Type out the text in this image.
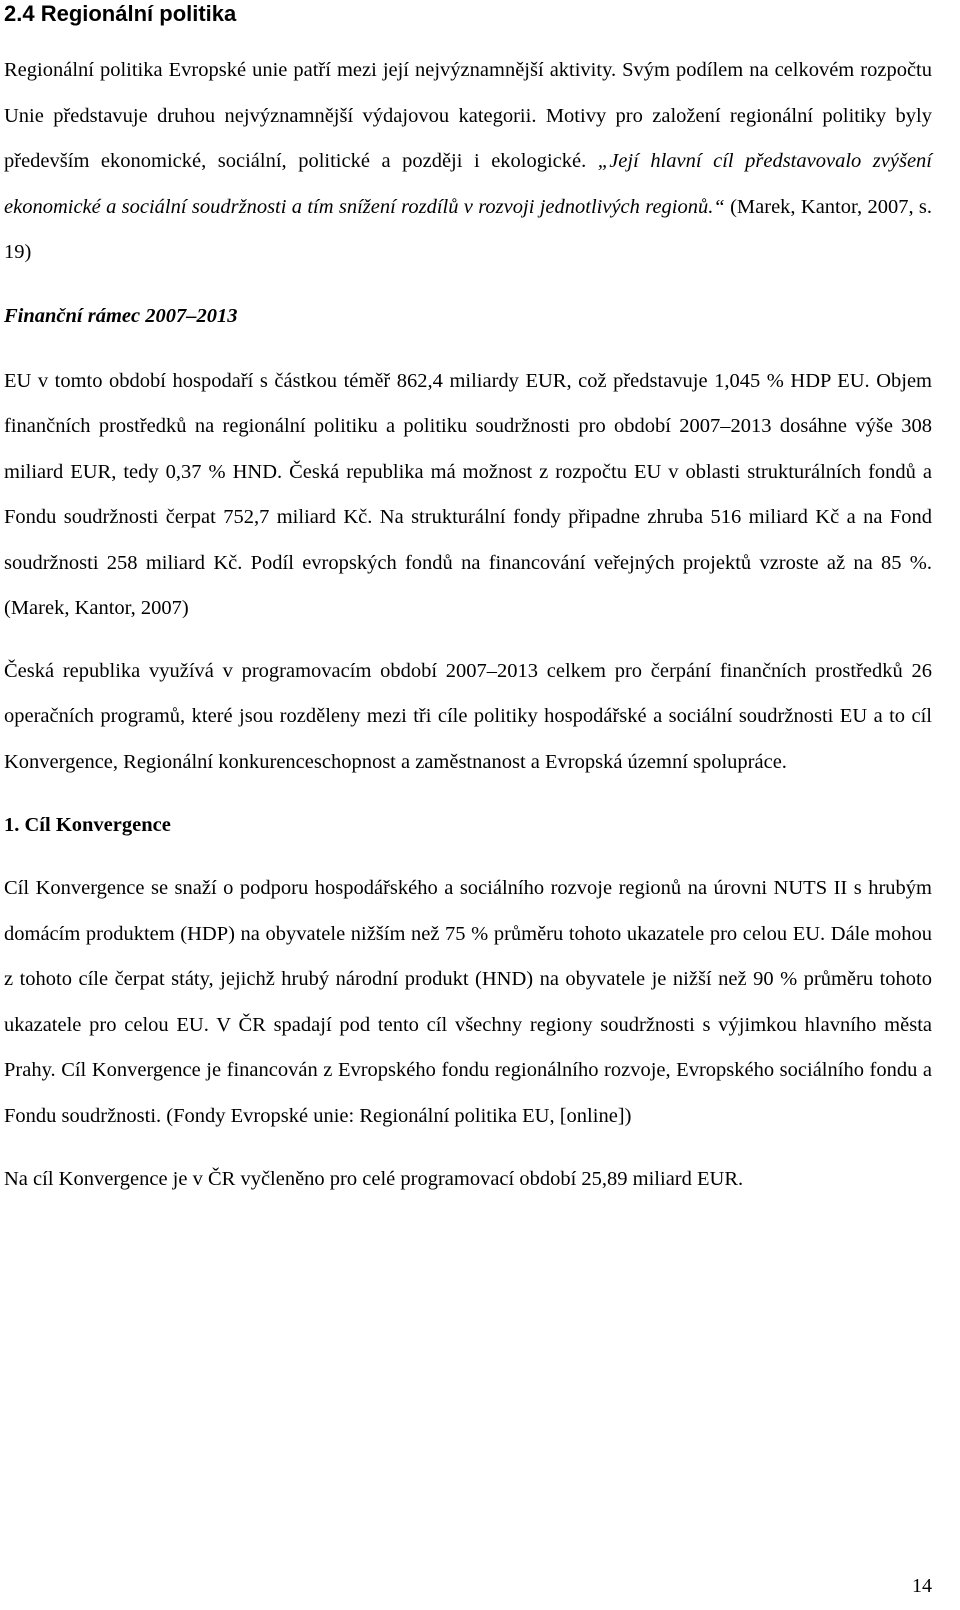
2.4 Regionální politika

Regionální politika Evropské unie patří mezi její nejvýznamnější aktivity. Svým podílem na celkovém rozpočtu Unie představuje druhou nejvýznamnější výdajovou kategorii. Motivy pro založení regionální politiky byly především ekonomické, sociální, politické a později i ekologické. „Její hlavní cíl představovalo zvýšení ekonomické a sociální soudržnosti a tím snížení rozdílů v rozvoji jednotlivých regionů.“ (Marek, Kantor, 2007, s. 19)

Finanční rámec 2007–2013

EU v tomto období hospodaří s částkou téměř 862,4 miliardy EUR, což představuje 1,045 % HDP EU. Objem finančních prostředků na regionální politiku a politiku soudržnosti pro období 2007–2013 dosáhne výše 308 miliard EUR, tedy 0,37 % HND. Česká republika má možnost z rozpočtu EU v oblasti strukturálních fondů a Fondu soudržnosti čerpat 752,7 miliard Kč. Na strukturální fondy připadne zhruba 516 miliard Kč a na Fond soudržnosti 258 miliard Kč. Podíl evropských fondů na financování veřejných projektů vzroste až na 85 %. (Marek, Kantor, 2007)

Česká republika využívá v programovacím období 2007–2013 celkem pro čerpání finančních prostředků 26 operačních programů, které jsou rozděleny mezi tři cíle politiky hospodářské a sociální soudržnosti EU a to cíl Konvergence, Regionální konkurenceschopnost a zaměstnanost a Evropská územní spolupráce.

1. Cíl Konvergence

Cíl Konvergence se snaží o podporu hospodářského a sociálního rozvoje regionů na úrovni NUTS II s hrubým domácím produktem (HDP) na obyvatele nižším než 75 % průměru tohoto ukazatele pro celou EU. Dále mohou z tohoto cíle čerpat státy, jejichž hrubý národní produkt (HND) na obyvatele je nižší než 90 % průměru tohoto ukazatele pro celou EU. V ČR spadají pod tento cíl všechny regiony soudržnosti s výjimkou hlavního města Prahy. Cíl Konvergence je financován z Evropského fondu regionálního rozvoje, Evropského sociálního fondu a Fondu soudržnosti. (Fondy Evropské unie: Regionální politika EU, [online])

Na cíl Konvergence je v ČR vyčleněno pro celé programovací období 25,89 miliard EUR.

14
